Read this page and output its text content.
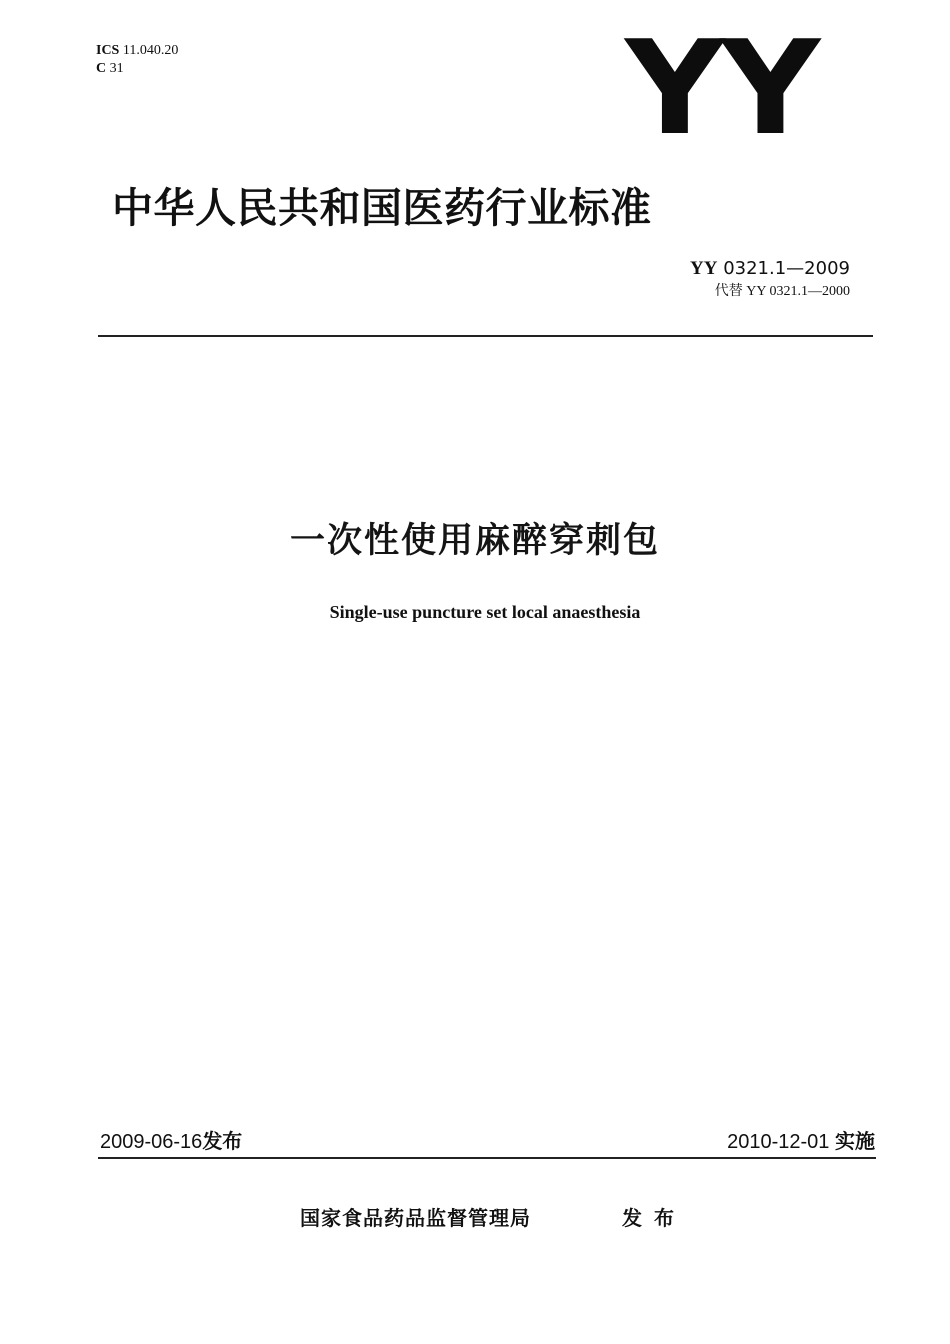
ICS 11.040.20
C 31	YY
中华人民共和国医药行业标准
YY 0321.1—2009
代替 YY 0321.1—2000
一次性使用麻醉穿刺包
Single-use puncture set local anaesthesia
2009-06-16发布	2010-12-01 实施
国家食品药品监督管理局	发布
